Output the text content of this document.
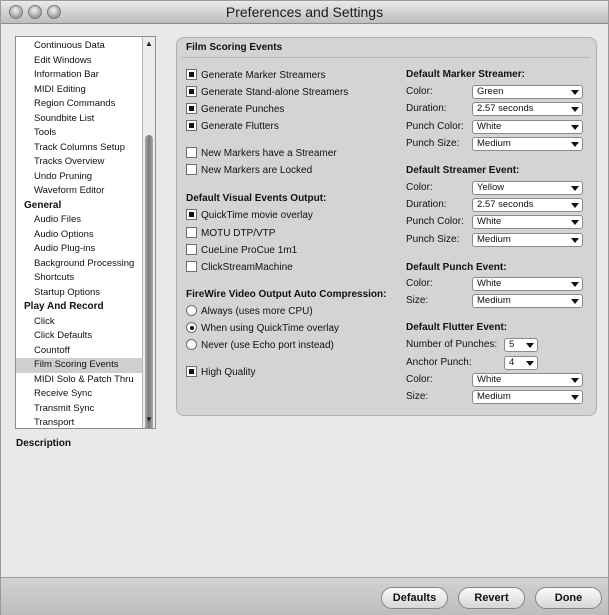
Preferences and Settings
Continuous Data
Edit Windows
Information Bar
MIDI Editing
Region Commands
Soundbite List
Tools
Track Columns Setup
Tracks Overview
Undo Pruning
Waveform Editor
General
Audio Files
Audio Options
Audio Plug-ins
Background Processing
Shortcuts
Startup Options
Play And Record
Click
Click Defaults
Countoff
Film Scoring Events
MIDI Solo & Patch Thru
Receive Sync
Transmit Sync
Transport
▲
▼
Description
Film Scoring Events
Generate Marker Streamers
Generate Stand-alone Streamers
Generate Punches
Generate Flutters
New Markers have a Streamer
New Markers are Locked
Default Visual Events Output:
QuickTime movie overlay
MOTU DTP/VTP
CueLine ProCue 1m1
ClickStreamMachine
FireWire Video Output Auto Compression:
Always (uses more CPU)
When using QuickTime overlay
Never (use Echo port instead)
High Quality
Default Marker Streamer:
Color:	Green
Duration:	2.57 seconds
Punch Color:	White
Punch Size:	Medium
Default Streamer Event:
Color:	Yellow
Duration:	2.57 seconds
Punch Color:	White
Punch Size:	Medium
Default Punch Event:
Color:	White
Size:	Medium
Default Flutter Event:
Number of Punches:	5
Anchor Punch:	4
Color:	White
Size:	Medium
Defaults	Revert	Done
